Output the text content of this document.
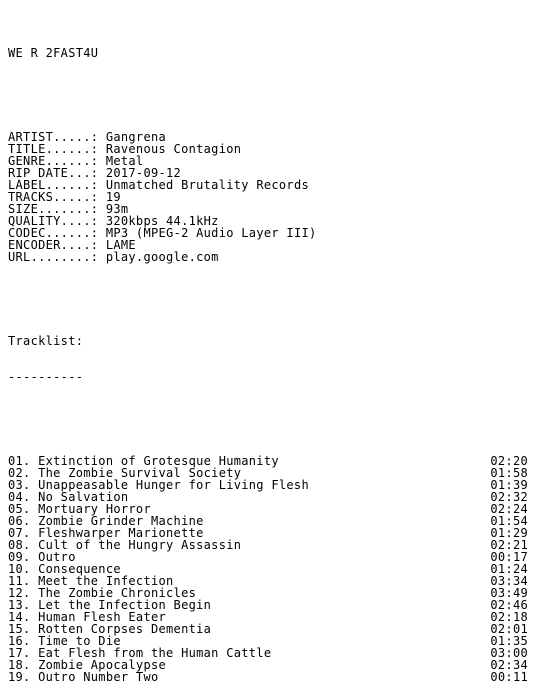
WE R 2FAST4U

ARTIST.....: Gangrena
TITLE......: Ravenous Contagion
GENRE......: Metal
RIP DATE...: 2017-09-12
LABEL......: Unmatched Brutality Records
TRACKS.....: 19
SIZE.......: 93m
QUALITY....: 320kbps 44.1kHz
CODEC......: MP3 (MPEG-2 Audio Layer III)
ENCODER....: LAME
URL........: play.google.com

Tracklist:

----------

01. Extinction of Grotesque Humanity	02:20
02. The Zombie Survival Society	01:58
03. Unappeasable Hunger for Living Flesh	01:39
04. No Salvation	02:32
05. Mortuary Horror	02:24
06. Zombie Grinder Machine	01:54
07. Fleshwarper Marionette	01:29
08. Cult of the Hungry Assassin	02:21
09. Outro	00:17
10. Consequence	01:24
11. Meet the Infection	03:34
12. The Zombie Chronicles	03:49
13. Let the Infection Begin	02:46
14. Human Flesh Eater	02:18
15. Rotten Corpses Dementia	02:01
16. Time to Die	01:35
17. Eat Flesh from the Human Cattle	03:00
18. Zombie Apocalypse	02:34
19. Outro Number Two	00:11
